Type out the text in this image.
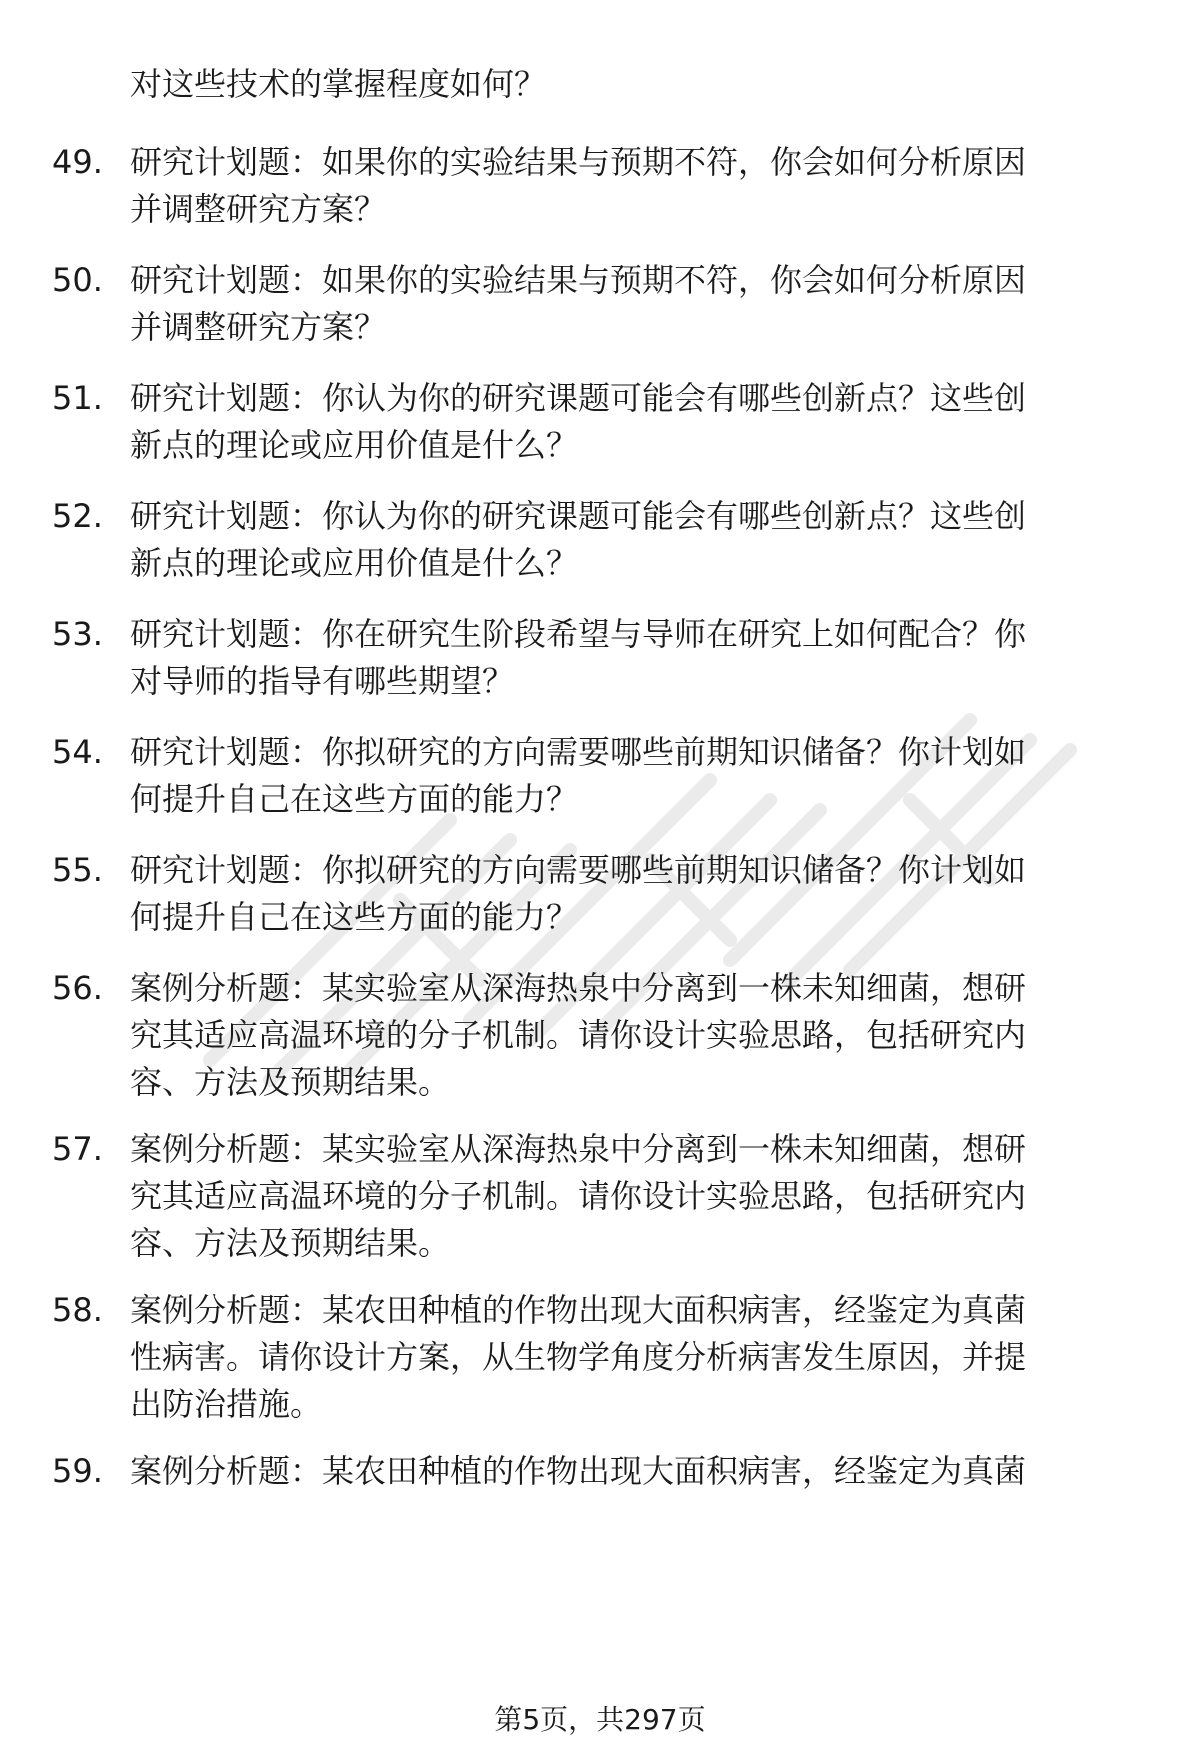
对这些技术的掌握程度如何？
49. 研究计划题：如果你的实验结果与预期不符，你会如何分析原因
并调整研究方案？
50. 研究计划题：如果你的实验结果与预期不符，你会如何分析原因
并调整研究方案？
51. 研究计划题：你认为你的研究课题可能会有哪些创新点？这些创
新点的理论或应用价值是什么？
52. 研究计划题：你认为你的研究课题可能会有哪些创新点？这些创
新点的理论或应用价值是什么？
53. 研究计划题：你在研究生阶段希望与导师在研究上如何配合？你
对导师的指导有哪些期望？
54. 研究计划题：你拟研究的方向需要哪些前期知识储备？你计划如
何提升自己在这些方面的能力？
55. 研究计划题：你拟研究的方向需要哪些前期知识储备？你计划如
何提升自己在这些方面的能力？
56. 案例分析题：某实验室从深海热泉中分离到一株未知细菌，想研
究其适应高温环境的分子机制。请你设计实验思路，包括研究内
容、方法及预期结果。
57. 案例分析题：某实验室从深海热泉中分离到一株未知细菌，想研
究其适应高温环境的分子机制。请你设计实验思路，包括研究内
容、方法及预期结果。
58. 案例分析题：某农田种植的作物出现大面积病害，经鉴定为真菌
性病害。请你设计方案，从生物学角度分析病害发生原因，并提
出防治措施。
59. 案例分析题：某农田种植的作物出现大面积病害，经鉴定为真菌
第5页，共297页
